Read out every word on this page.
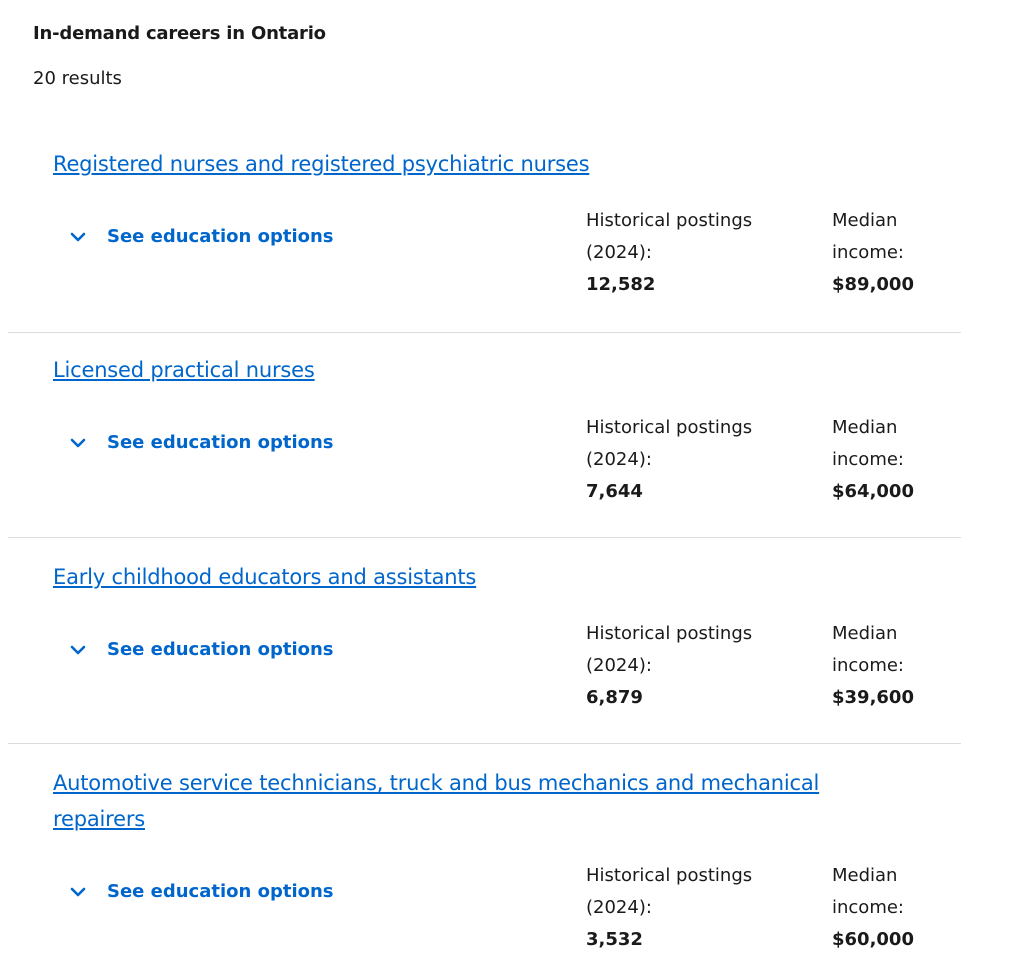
In-demand careers in Ontario
20 results
Registered nurses and registered psychiatric nurses
See education options
Historical postings
(2024):
12,582
Median
income:
$89,000
Licensed practical nurses
See education options
Historical postings
(2024):
7,644
Median
income:
$64,000
Early childhood educators and assistants
See education options
Historical postings
(2024):
6,879
Median
income:
$39,600
Automotive service technicians, truck and bus mechanics and mechanical repairers
See education options
Historical postings
(2024):
3,532
Median
income:
$60,000
